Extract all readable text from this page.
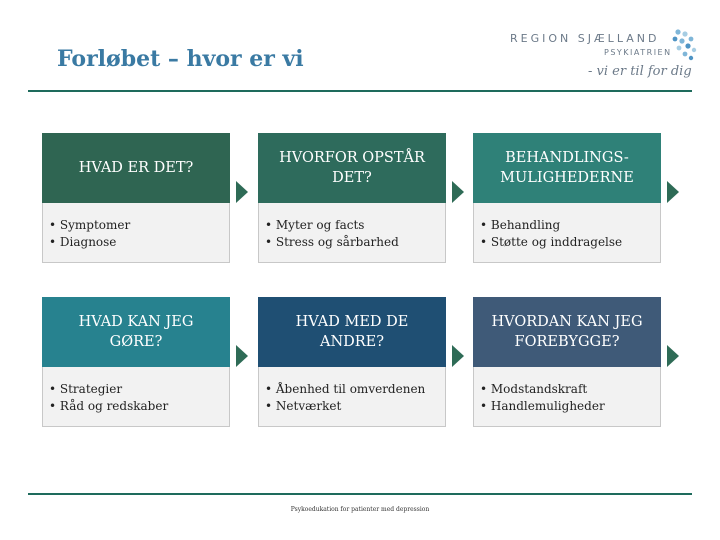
Forløbet – hvor er vi
REGION SJÆLLAND
PSYKIATRIEN
- vi er til for dig
HVAD ER DET?
• Symptomer
• Diagnose
HVORFOR OPSTÅR DET?
• Myter og facts
• Stress og sårbarhed
BEHANDLINGS-MULIGHEDERNE
• Behandling
• Støtte og inddragelse
HVAD KAN JEG GØRE?
• Strategier
• Råd og redskaber
HVAD MED DE ANDRE?
• Åbenhed til omverdenen
• Netværket
HVORDAN KAN JEG FOREBYGGE?
• Modstandskraft
• Handlemuligheder
Psykoedukation for patienter med depression
